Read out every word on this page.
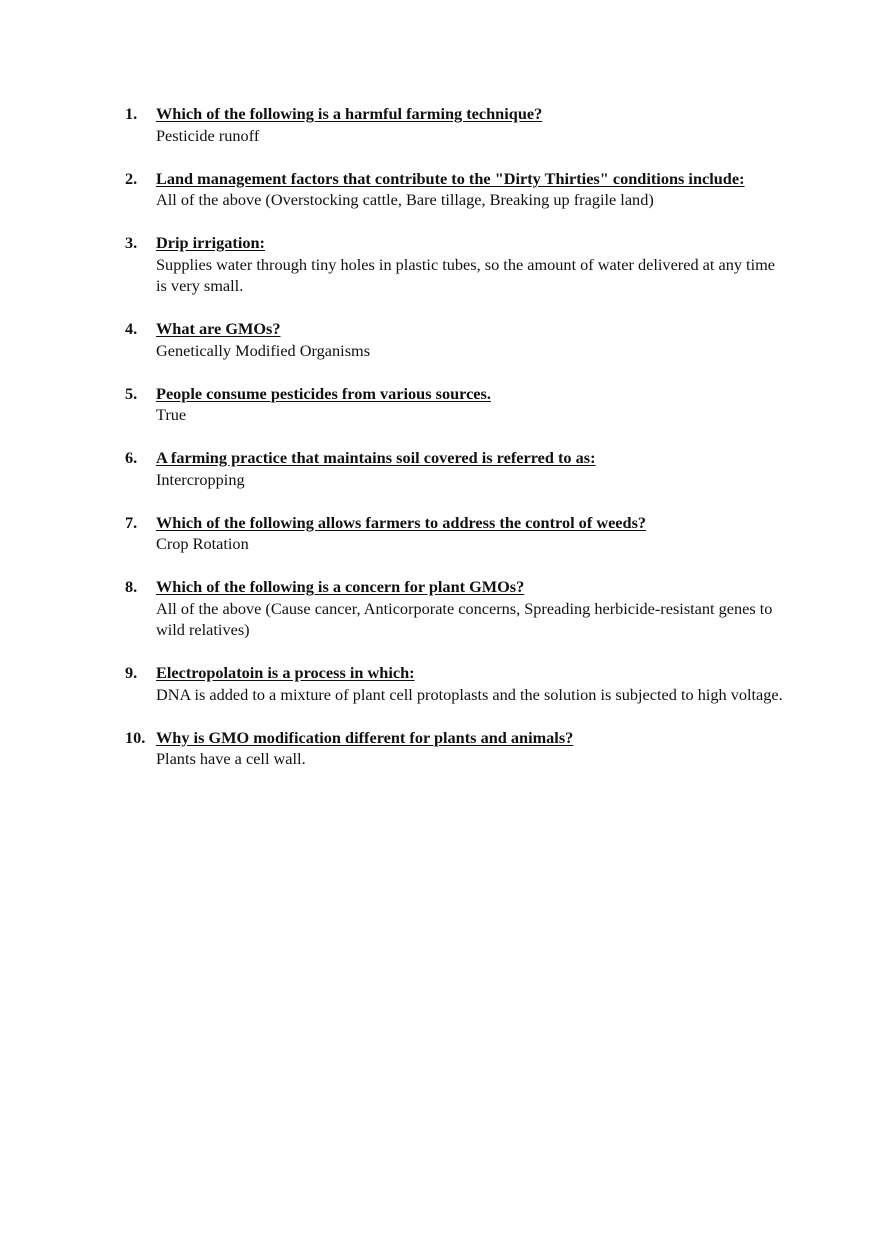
1.	Which of the following is a harmful farming technique?
Pesticide runoff
2.	Land management factors that contribute to the "Dirty Thirties" conditions include:
All of the above (Overstocking cattle, Bare tillage, Breaking up fragile land)
3.	Drip irrigation:
Supplies water through tiny holes in plastic tubes, so the amount of water delivered at any time is very small.
4.	What are GMOs?
Genetically Modified Organisms
5.	People consume pesticides from various sources.
True
6.	A farming practice that maintains soil covered is referred to as:
Intercropping
7.	Which of the following allows farmers to address the control of weeds?
Crop Rotation
8.	Which of the following is a concern for plant GMOs?
All of the above (Cause cancer, Anticorporate concerns, Spreading herbicide-resistant genes to wild relatives)
9.	Electropolatoin is a process in which:
DNA is added to a mixture of plant cell protoplasts and the solution is subjected to high voltage.
10. Why is GMO modification different for plants and animals?
Plants have a cell wall.
